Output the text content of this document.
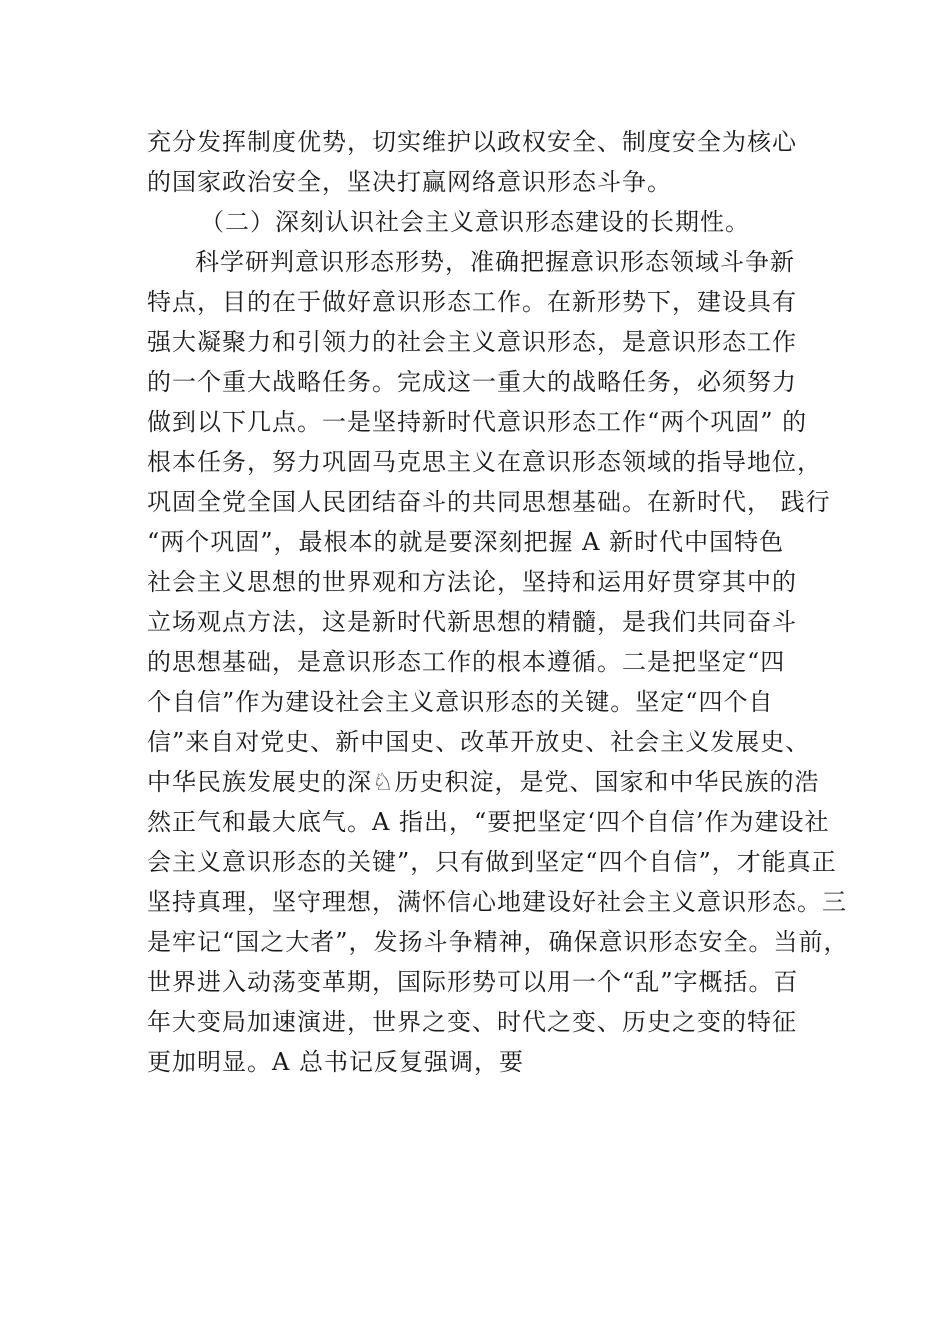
充分发挥制度优势，切实维护以政权安全、制度安全为核心
的国家政治安全，坚决打赢网络意识形态斗争。
（二）深刻认识社会主义意识形态建设的长期性。
科学研判意识形态形势，准确把握意识形态领域斗争新
特点，目的在于做好意识形态工作。在新形势下，建设具有
强大凝聚力和引领力的社会主义意识形态，是意识形态工作
的一个重大战略任务。完成这一重大的战略任务，必须努力
做到以下几点。一是坚持新时代意识形态工作“两个巩固” 的
根本任务，努力巩固马克思主义在意识形态领域的指导地位，
巩固全党全国人民团结奋斗的共同思想基础。在新时代， 践行
“两个巩固”，最根本的就是要深刻把握 A 新时代中国特色
社会主义思想的世界观和方法论，坚持和运用好贯穿其中的
立场观点方法，这是新时代新思想的精髓，是我们共同奋斗
的思想基础，是意识形态工作的根本遵循。二是把坚定“四
个自信”作为建设社会主义意识形态的关键。坚定“四个自
信”来自对党史、新中国史、改革开放史、社会主义发展史、
中华民族发展史的深♘历史积淀，是党、国家和中华民族的浩
然正气和最大底气。A 指出，“要把坚定‘四个自信’作为建设社
会主义意识形态的关键”，只有做到坚定“四个自信”，才能真正
坚持真理，坚守理想，满怀信心地建设好社会主义意识形态。三
是牢记“国之大者”，发扬斗争精神，确保意识形态安全。当前，
世界进入动荡变革期，国际形势可以用一个“乱”字概括。百
年大变局加速演进，世界之变、时代之变、历史之变的特征
更加明显。A 总书记反复强调，要
